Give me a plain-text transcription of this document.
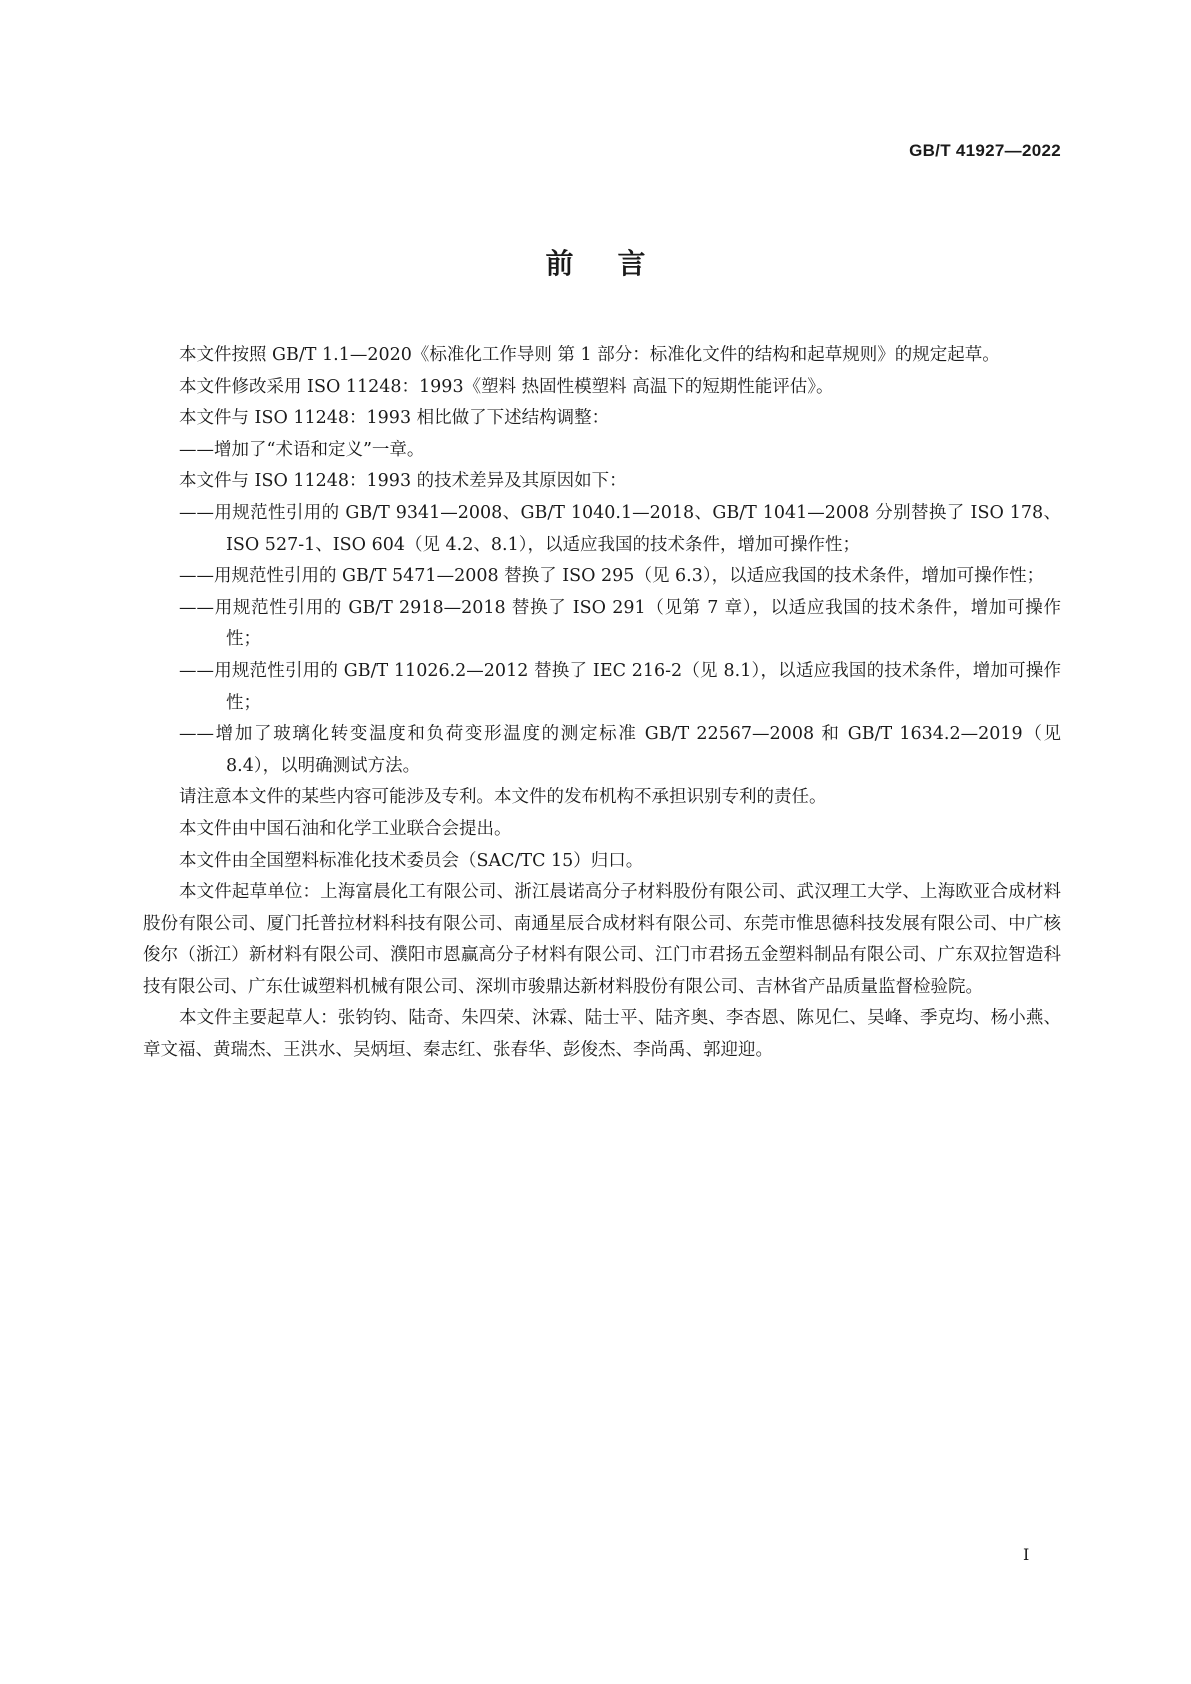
GB/T 41927—2022
前言

本文件按照 GB/T 1.1—2020《标准化工作导则 第 1 部分：标准化文件的结构和起草规则》的规定起草。

本文件修改采用 ISO 11248：1993《塑料 热固性模塑料 高温下的短期性能评估》。

本文件与 ISO 11248：1993 相比做了下述结构调整：

——增加了“术语和定义”一章。

本文件与 ISO 11248：1993 的技术差异及其原因如下：

——用规范性引用的 GB/T 9341—2008、GB/T 1040.1—2018、GB/T 1041—2008 分别替换了 ISO 178、ISO 527-1、ISO 604（见 4.2、8.1），以适应我国的技术条件，增加可操作性；

——用规范性引用的 GB/T 5471—2008 替换了 ISO 295（见 6.3），以适应我国的技术条件，增加可操作性；

——用规范性引用的 GB/T 2918—2018 替换了 ISO 291（见第 7 章），以适应我国的技术条件，增加可操作性；

——用规范性引用的 GB/T 11026.2—2012 替换了 IEC 216-2（见 8.1），以适应我国的技术条件，增加可操作性；

——增加了玻璃化转变温度和负荷变形温度的测定标准 GB/T 22567—2008 和 GB/T 1634.2—2019（见 8.4），以明确测试方法。

请注意本文件的某些内容可能涉及专利。本文件的发布机构不承担识别专利的责任。

本文件由中国石油和化学工业联合会提出。

本文件由全国塑料标准化技术委员会（SAC/TC 15）归口。

本文件起草单位：上海富晨化工有限公司、浙江晨诺高分子材料股份有限公司、武汉理工大学、上海欧亚合成材料股份有限公司、厦门托普拉材料科技有限公司、南通星辰合成材料有限公司、东莞市惟思德科技发展有限公司、中广核俊尔（浙江）新材料有限公司、濮阳市恩赢高分子材料有限公司、江门市君扬五金塑料制品有限公司、广东双拉智造科技有限公司、广东仕诚塑料机械有限公司、深圳市骏鼎达新材料股份有限公司、吉林省产品质量监督检验院。

本文件主要起草人：张钧钧、陆奇、朱四荣、沐霖、陆士平、陆齐奥、李杏恩、陈见仁、吴峰、季克均、杨小燕、章文福、黄瑞杰、王洪水、吴炳垣、秦志红、张春华、彭俊杰、李尚禹、郭迎迎。

I
